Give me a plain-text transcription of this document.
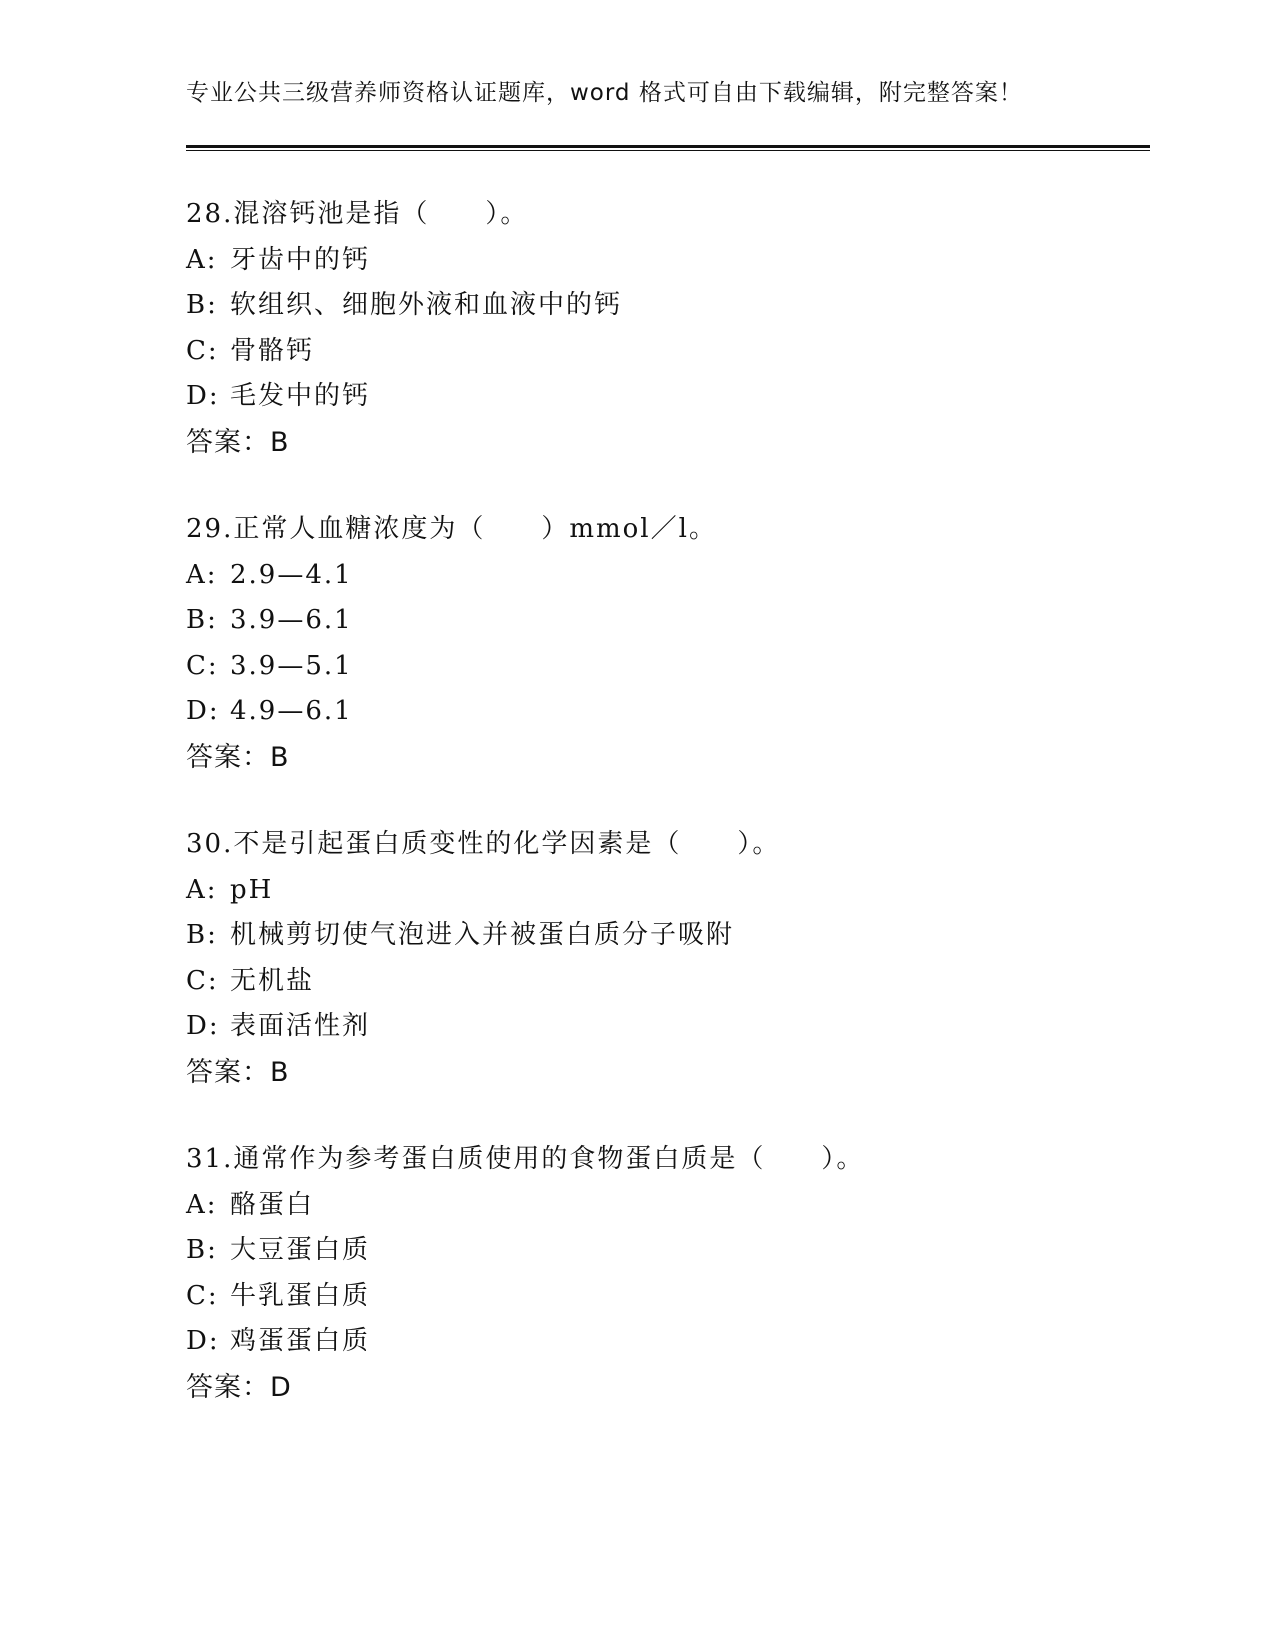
专业公共三级营养师资格认证题库，word 格式可自由下载编辑，附完整答案！
28.混溶钙池是指（　　）。
A: 牙齿中的钙
B: 软组织、细胞外液和血液中的钙
C: 骨骼钙
D: 毛发中的钙
答案：B
29.正常人血糖浓度为（　　）mmol／l。
A: 2.9—4.1
B: 3.9—6.1
C: 3.9—5.1
D: 4.9—6.1
答案：B
30.不是引起蛋白质变性的化学因素是（　　）。
A: pH
B: 机械剪切使气泡进入并被蛋白质分子吸附
C: 无机盐
D: 表面活性剂
答案：B
31.通常作为参考蛋白质使用的食物蛋白质是（　　）。
A: 酪蛋白
B: 大豆蛋白质
C: 牛乳蛋白质
D: 鸡蛋蛋白质
答案：D
